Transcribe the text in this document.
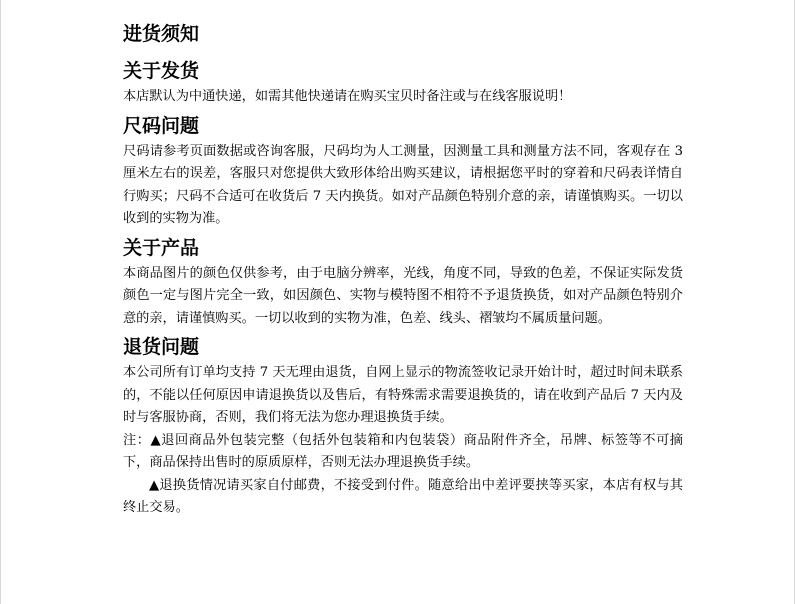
进货须知
关于发货

本店默认为中通快递，如需其他快递请在购买宝贝时备注或与在线客服说明！

尺码问题

尺码请参考页面数据或咨询客服，尺码均为人工测量，因测量工具和测量方法不同，客观存在 3 厘米左右的误差，客服只对您提供大致形体给出购买建议，请根据您平时的穿着和尺码表详情自行购买；尺码不合适可在收货后 7 天内换货。如对产品颜色特别介意的亲，请谨慎购买。一切以收到的实物为准。

关于产品

本商品图片的颜色仅供参考，由于电脑分辨率，光线，角度不同，导致的色差，不保证实际发货颜色一定与图片完全一致，如因颜色、实物与模特图不相符不予退货换货，如对产品颜色特别介意的亲，请谨慎购买。一切以收到的实物为准，色差、线头、褶皱均不属质量问题。

退货问题

本公司所有订单均支持 7 天无理由退货，自网上显示的物流签收记录开始计时，超过时间未联系的，不能以任何原因申请退换货以及售后，有特殊需求需要退换货的，请在收到产品后 7 天内及时与客服协商，否则，我们将无法为您办理退换货手续。

注：▲退回商品外包装完整（包括外包装箱和内包装袋）商品附件齐全，吊牌、标签等不可摘下，商品保持出售时的原质原样，否则无法办理退换货手续。

▲退换货情况请买家自付邮费，不接受到付件。随意给出中差评要挟等买家，本店有权与其终止交易。
